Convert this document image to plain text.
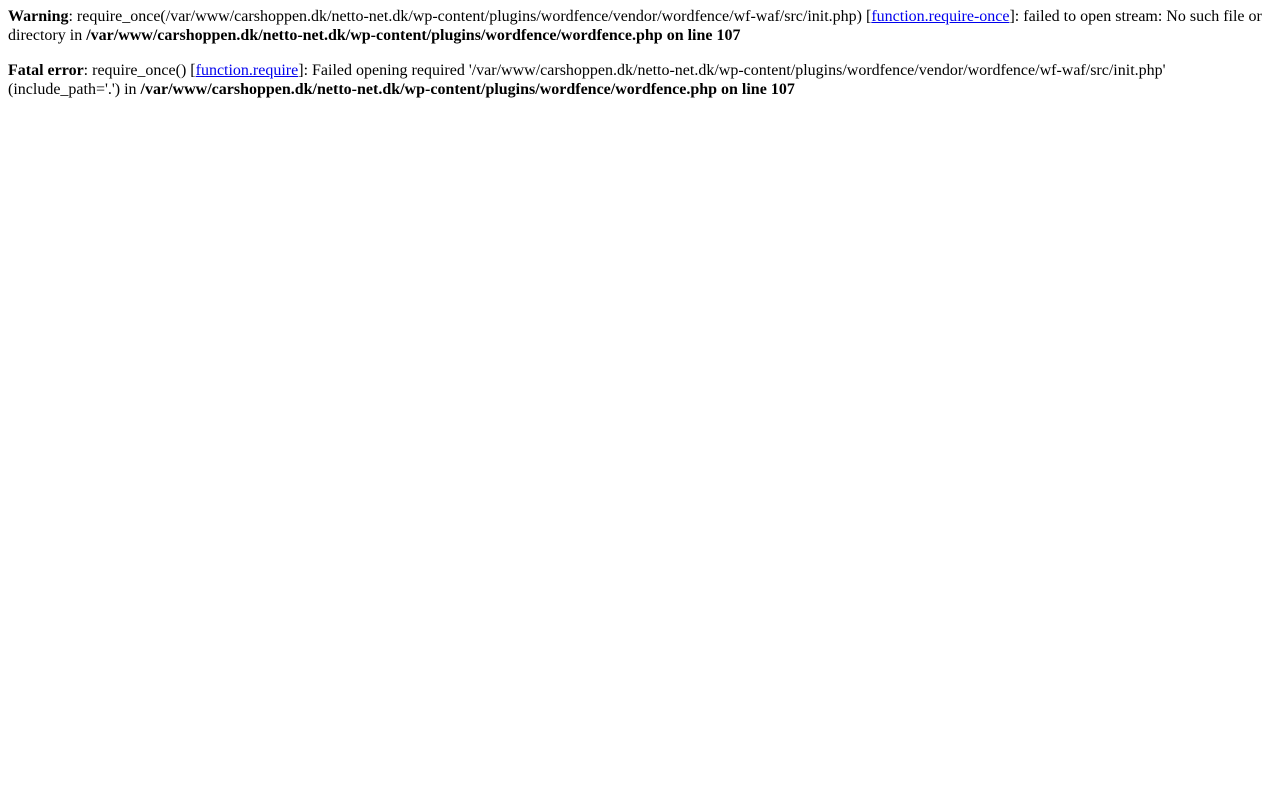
Warning: require_once(/var/www/carshoppen.dk/netto-net.dk/wp-content/plugins/wordfence/vendor/wordfence/wf-waf/src/init.php) [function.require-once]: failed to open stream: No such file or directory in /var/www/carshoppen.dk/netto-net.dk/wp-content/plugins/wordfence/wordfence.php on line 107

Fatal error: require_once() [function.require]: Failed opening required '/var/www/carshoppen.dk/netto-net.dk/wp-content/plugins/wordfence/vendor/wordfence/wf-waf/src/init.php' (include_path='.') in /var/www/carshoppen.dk/netto-net.dk/wp-content/plugins/wordfence/wordfence.php on line 107
